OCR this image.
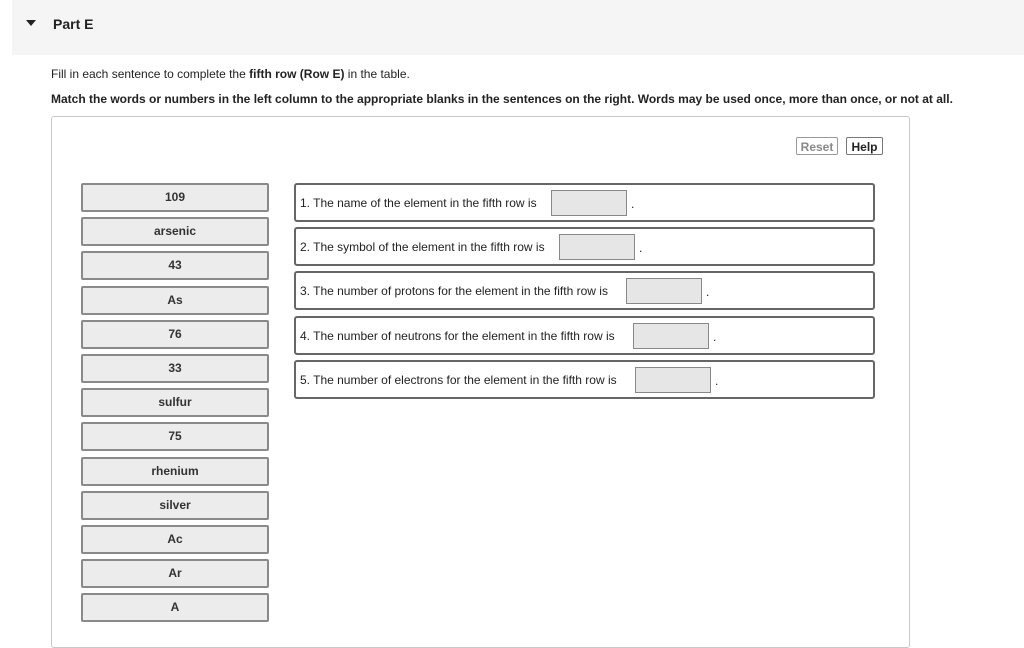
Part E
Fill in each sentence to complete the fifth row (Row E) in the table.
Match the words or numbers in the left column to the appropriate blanks in the sentences on the right. Words may be used once, more than once, or not at all.
Reset	Help
109
arsenic
43
As
76
33
sulfur
75
rhenium
silver
Ac
Ar
A
1. The name of the element in the fifth row is	.
2. The symbol of the element in the fifth row is	.
3. The number of protons for the element in the fifth row is	.
4. The number of neutrons for the element in the fifth row is	.
5. The number of electrons for the element in the fifth row is	.
